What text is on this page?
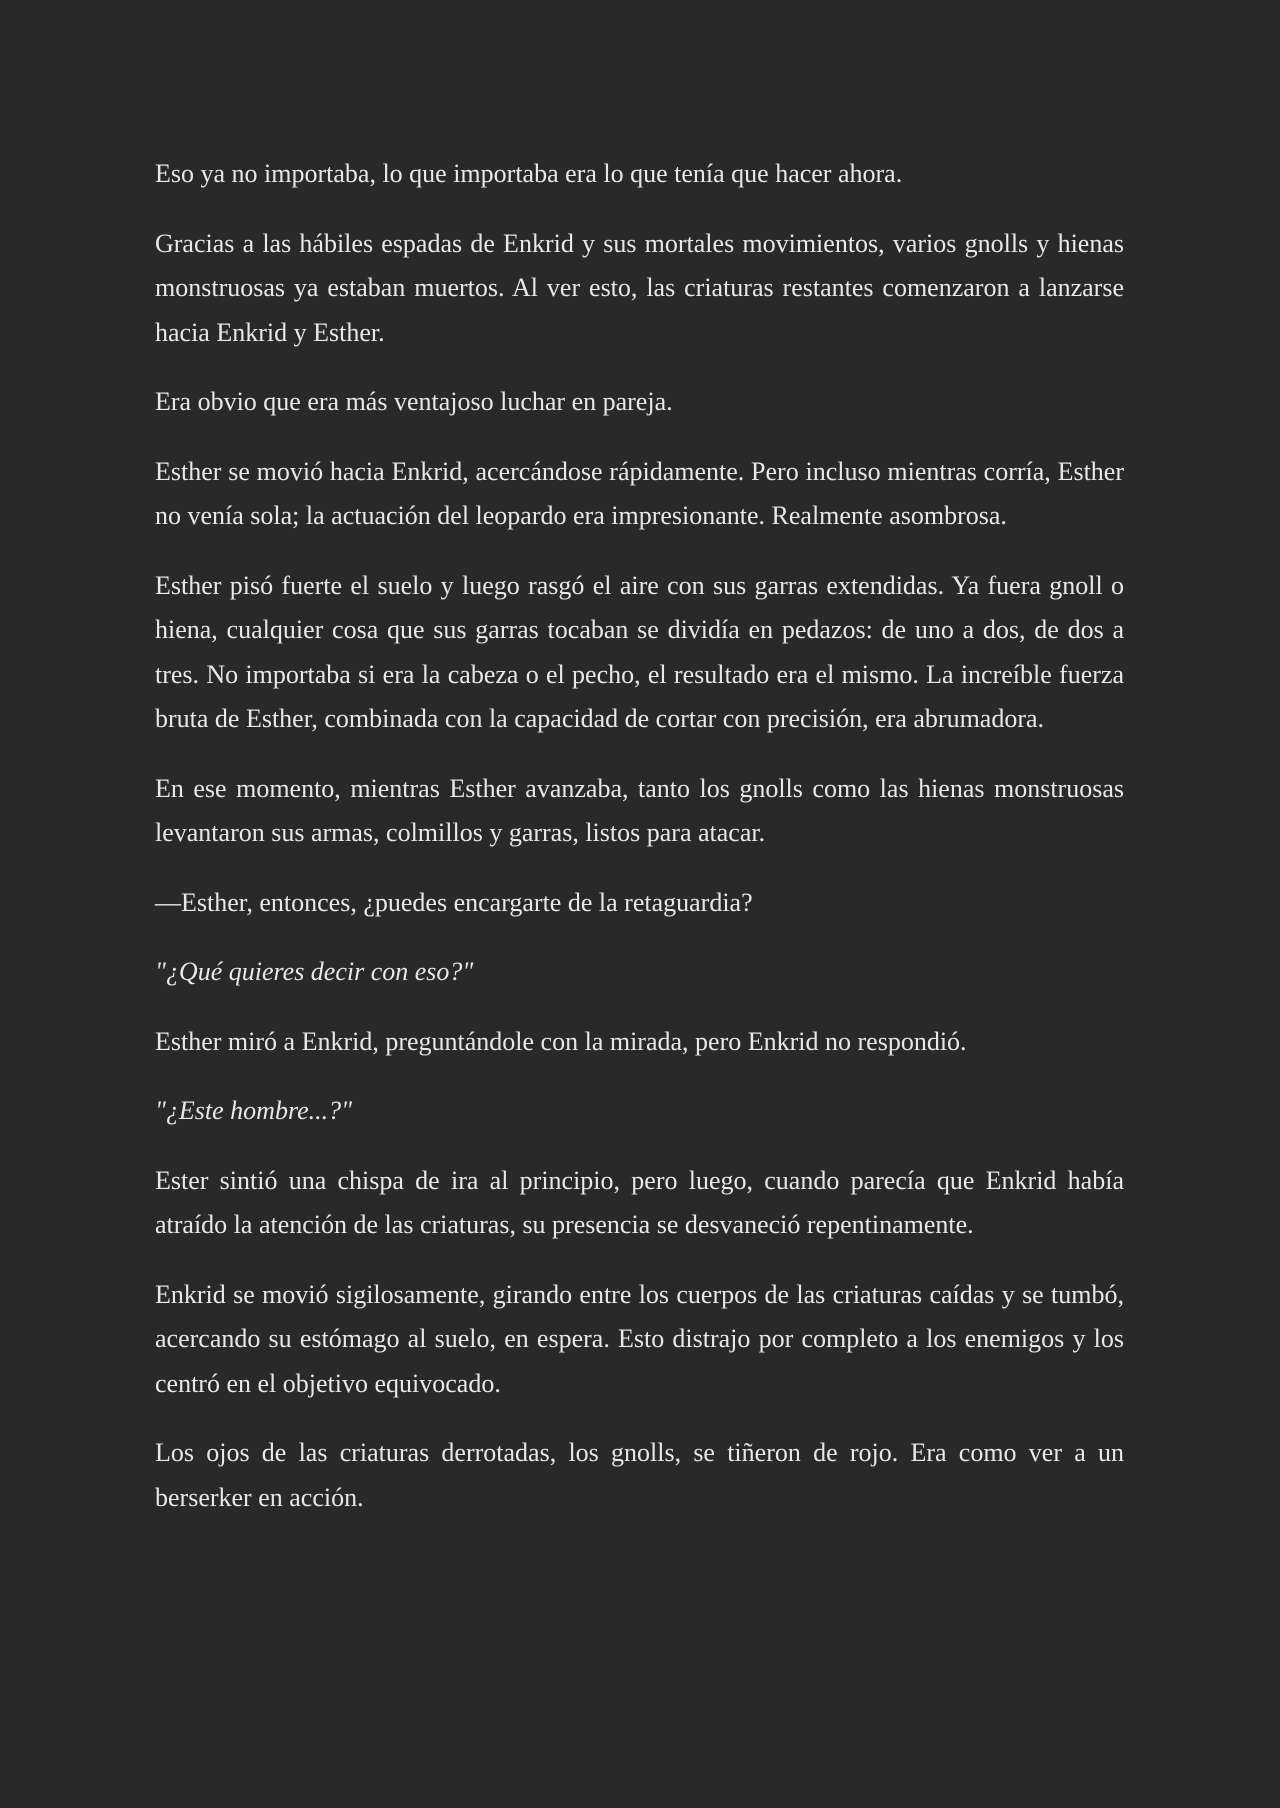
Eso ya no importaba, lo que importaba era lo que tenía que hacer ahora.

Gracias a las hábiles espadas de Enkrid y sus mortales movimientos, varios gnolls y hienas monstruosas ya estaban muertos. Al ver esto, las criaturas restantes comenzaron a lanzarse hacia Enkrid y Esther.

Era obvio que era más ventajoso luchar en pareja.

Esther se movió hacia Enkrid, acercándose rápidamente. Pero incluso mientras corría, Esther no venía sola; la actuación del leopardo era impresionante. Realmente asombrosa.

Esther pisó fuerte el suelo y luego rasgó el aire con sus garras extendidas. Ya fuera gnoll o hiena, cualquier cosa que sus garras tocaban se dividía en pedazos: de uno a dos, de dos a tres. No importaba si era la cabeza o el pecho, el resultado era el mismo. La increíble fuerza bruta de Esther, combinada con la capacidad de cortar con precisión, era abrumadora.

En ese momento, mientras Esther avanzaba, tanto los gnolls como las hienas monstruosas levantaron sus armas, colmillos y garras, listos para atacar.

—Esther, entonces, ¿puedes encargarte de la retaguardia?

"¿Qué quieres decir con eso?"

Esther miró a Enkrid, preguntándole con la mirada, pero Enkrid no respondió.

"¿Este hombre...?"

Ester sintió una chispa de ira al principio, pero luego, cuando parecía que Enkrid había atraído la atención de las criaturas, su presencia se desvaneció repentinamente.

Enkrid se movió sigilosamente, girando entre los cuerpos de las criaturas caídas y se tumbó, acercando su estómago al suelo, en espera. Esto distrajo por completo a los enemigos y los centró en el objetivo equivocado.

Los ojos de las criaturas derrotadas, los gnolls, se tiñeron de rojo. Era como ver a un berserker en acción.
